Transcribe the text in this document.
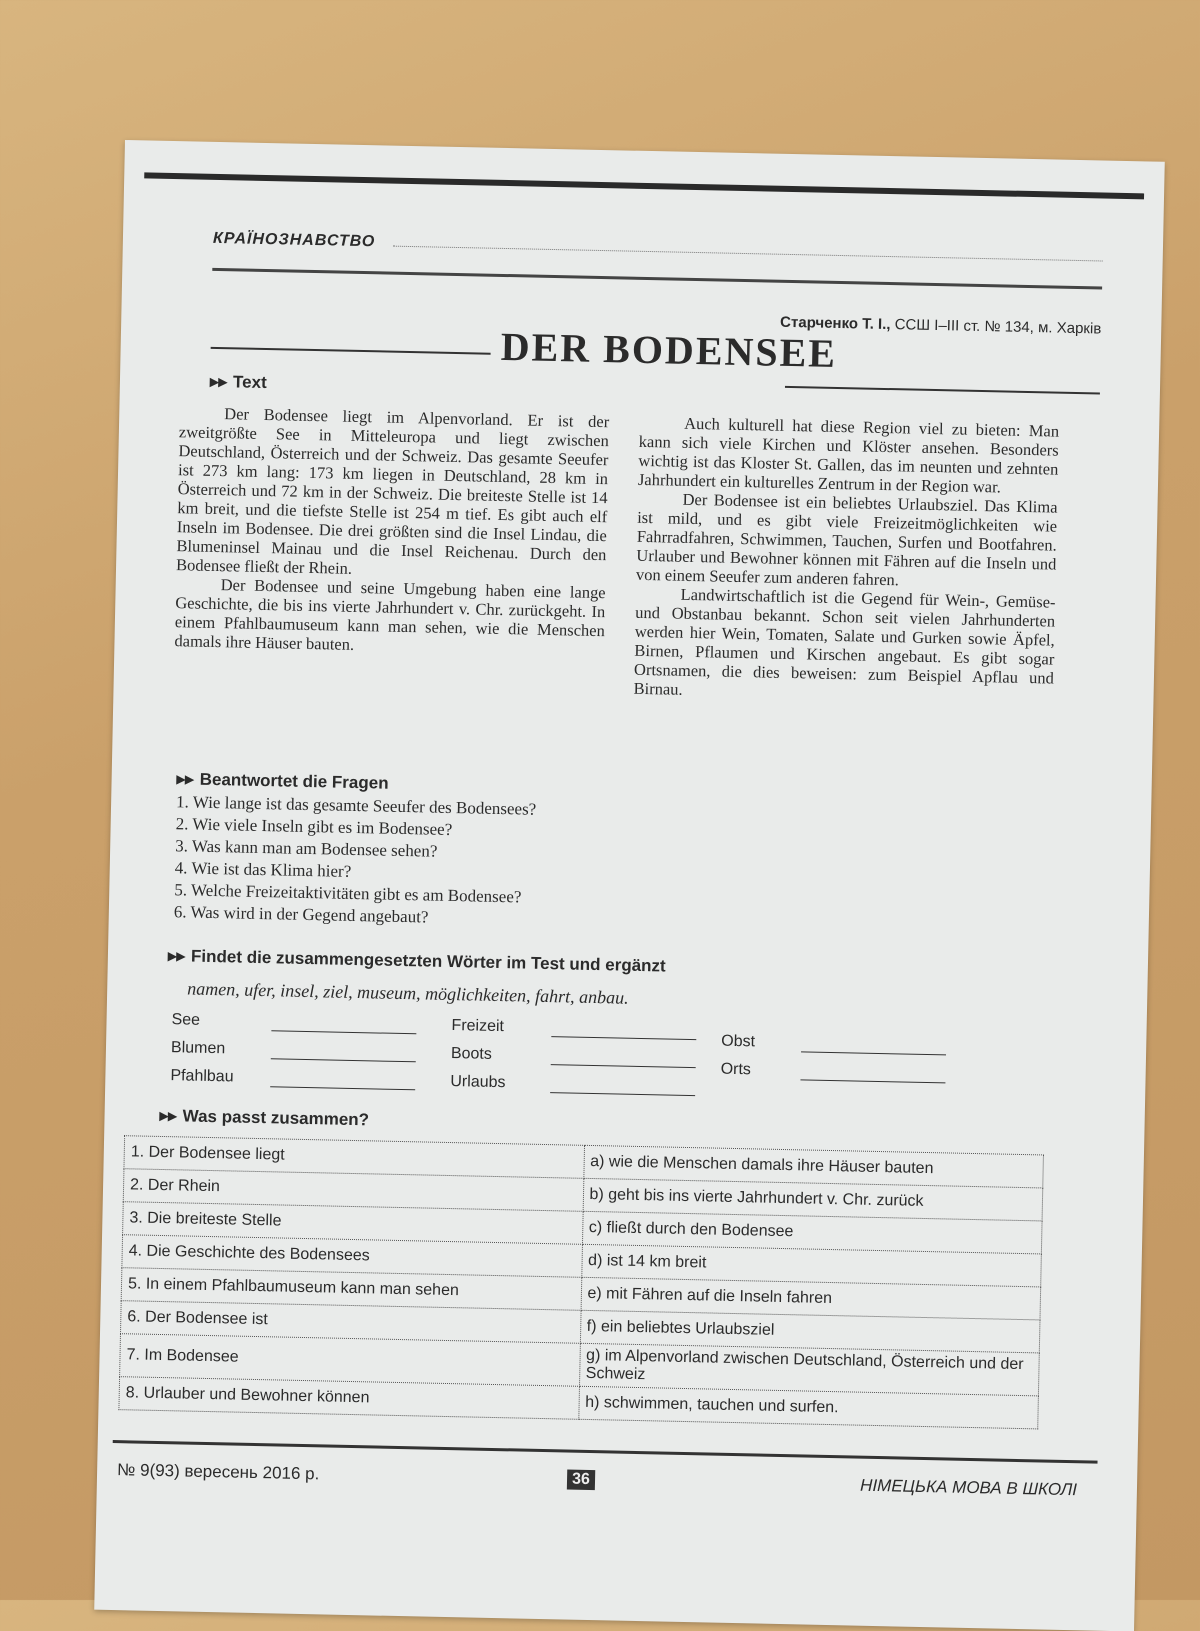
КРАЇНОЗНАВСТВО
Старченко Т. І., ССШ І–ІІІ ст. № 134, м. Харків
DER BODENSEE
▸▸ Text

Der Bodensee liegt im Alpenvorland. Er ist der zweitgrößte See in Mitteleuropa und liegt zwischen Deutschland, Österreich und der Schweiz. Das gesamte Seeufer ist 273 km lang: 173 km liegen in Deutschland, 28 km in Österreich und 72 km in der Schweiz. Die breiteste Stelle ist 14 km breit, und die tiefste Stelle ist 254 m tief. Es gibt auch elf Inseln im Bodensee. Die drei größten sind die Insel Lindau, die Blumeninsel Mainau und die Insel Reichenau. Durch den Bodensee fließt der Rhein.

Der Bodensee und seine Umgebung haben eine lange Geschichte, die bis ins vierte Jahrhundert v. Chr. zurückgeht. In einem Pfahlbaumuseum kann man sehen, wie die Menschen damals ihre Häuser bauten.

Auch kulturell hat diese Region viel zu bieten: Man kann sich viele Kirchen und Klöster ansehen. Besonders wichtig ist das Kloster St. Gallen, das im neunten und zehnten Jahrhundert ein kulturelles Zentrum in der Region war.

Der Bodensee ist ein beliebtes Urlaubsziel. Das Klima ist mild, und es gibt viele Freizeitmöglichkeiten wie Fahrradfahren, Schwimmen, Tauchen, Surfen und Bootfahren. Urlauber und Bewohner können mit Fähren auf die Inseln und von einem Seeufer zum anderen fahren.

Landwirtschaftlich ist die Gegend für Wein-, Gemüse- und Obstanbau bekannt. Schon seit vielen Jahrhunderten werden hier Wein, Tomaten, Salate und Gurken sowie Äpfel, Birnen, Pflaumen und Kirschen angebaut. Es gibt sogar Ortsnamen, die dies beweisen: zum Beispiel Apflau und Birnau.

▸▸ Beantwortet die Fragen
1. Wie lange ist das gesamte Seeufer des Bodensees?
2. Wie viele Inseln gibt es im Bodensee?
3. Was kann man am Bodensee sehen?
4. Wie ist das Klima hier?
5. Welche Freizeitaktivitäten gibt es am Bodensee?
6. Was wird in der Gegend angebaut?
▸▸ Findet die zusammengesetzten Wörter im Test und ergänzt
namen, ufer, insel, ziel, museum, möglichkeiten, fahrt, anbau.
See
Blumen
Pfahlbau
Freizeit
Boots
Urlaubs
Obst
Orts
▸▸ Was passt zusammen?
1. Der Bodensee liegt	a) wie die Menschen damals ihre Häuser bauten
2. Der Rhein	b) geht bis ins vierte Jahrhundert v. Chr. zurück
3. Die breiteste Stelle	c) fließt durch den Bodensee
4. Die Geschichte des Bodensees	d) ist 14 km breit
5. In einem Pfahlbaumuseum kann man sehen	e) mit Fähren auf die Inseln fahren
6. Der Bodensee ist	f) ein beliebtes Urlaubsziel
7. Im Bodensee	g) im Alpenvorland zwischen Deutschland, Österreich und der Schweiz
8. Urlauber und Bewohner können	h) schwimmen, tauchen und surfen.
№ 9(93) вересень 2016 р.	36	НІМЕЦЬКА МОВА В ШКОЛІ
